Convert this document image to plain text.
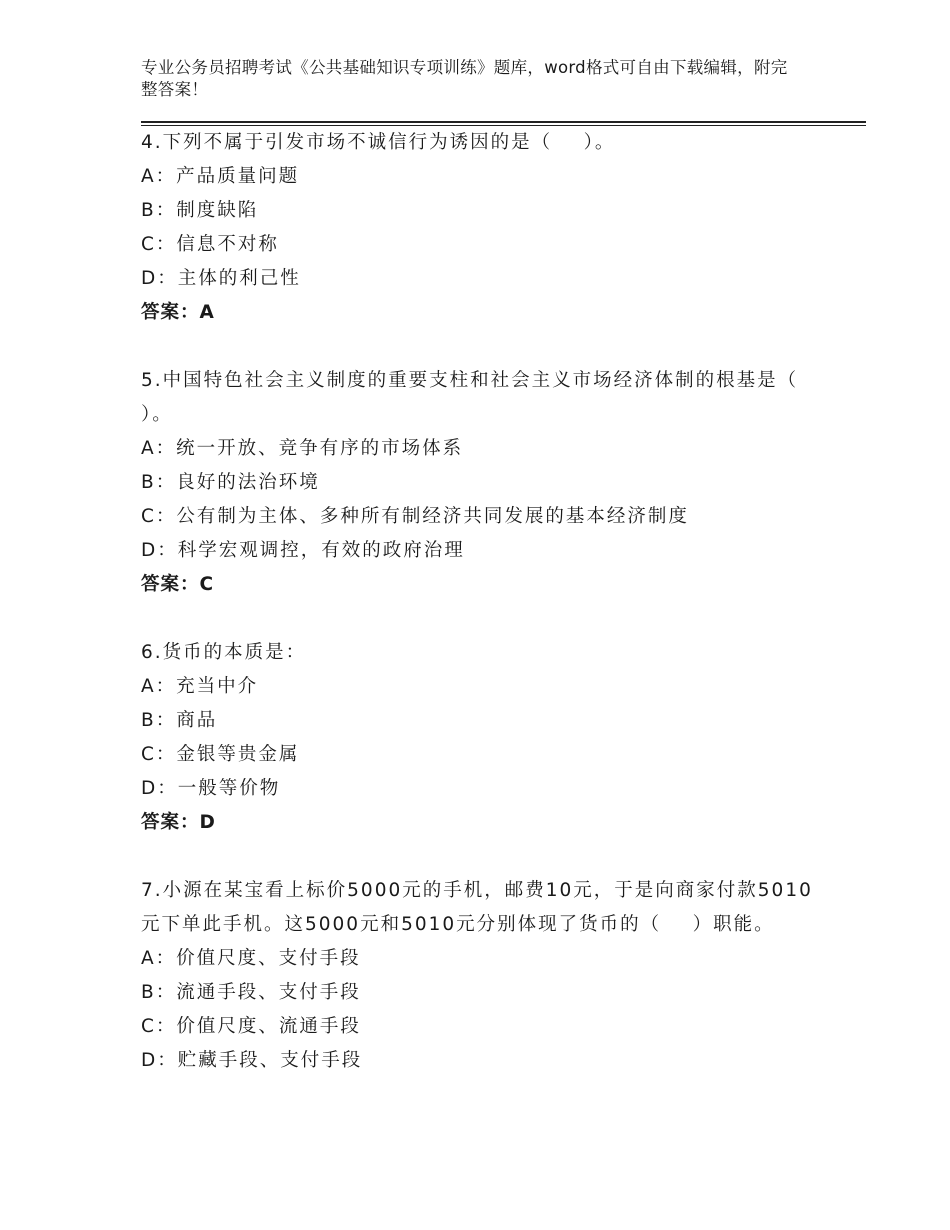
专业公务员招聘考试《公共基础知识专项训练》题库，word格式可自由下载编辑，附完整答案！
4.下列不属于引发市场不诚信行为诱因的是（    ）。
A：产品质量问题
B：制度缺陷
C：信息不对称
D：主体的利己性
答案：A
5.中国特色社会主义制度的重要支柱和社会主义市场经济体制的根基是（  ）。
A：统一开放、竞争有序的市场体系
B：良好的法治环境
C：公有制为主体、多种所有制经济共同发展的基本经济制度
D：科学宏观调控，有效的政府治理
答案：C
6.货币的本质是：
A：充当中介
B：商品
C：金银等贵金属
D：一般等价物
答案：D
7.小源在某宝看上标价5000元的手机，邮费10元，于是向商家付款5010元下单此手机。这5000元和5010元分别体现了货币的（    ）职能。
A：价值尺度、支付手段
B：流通手段、支付手段
C：价值尺度、流通手段
D：贮藏手段、支付手段
